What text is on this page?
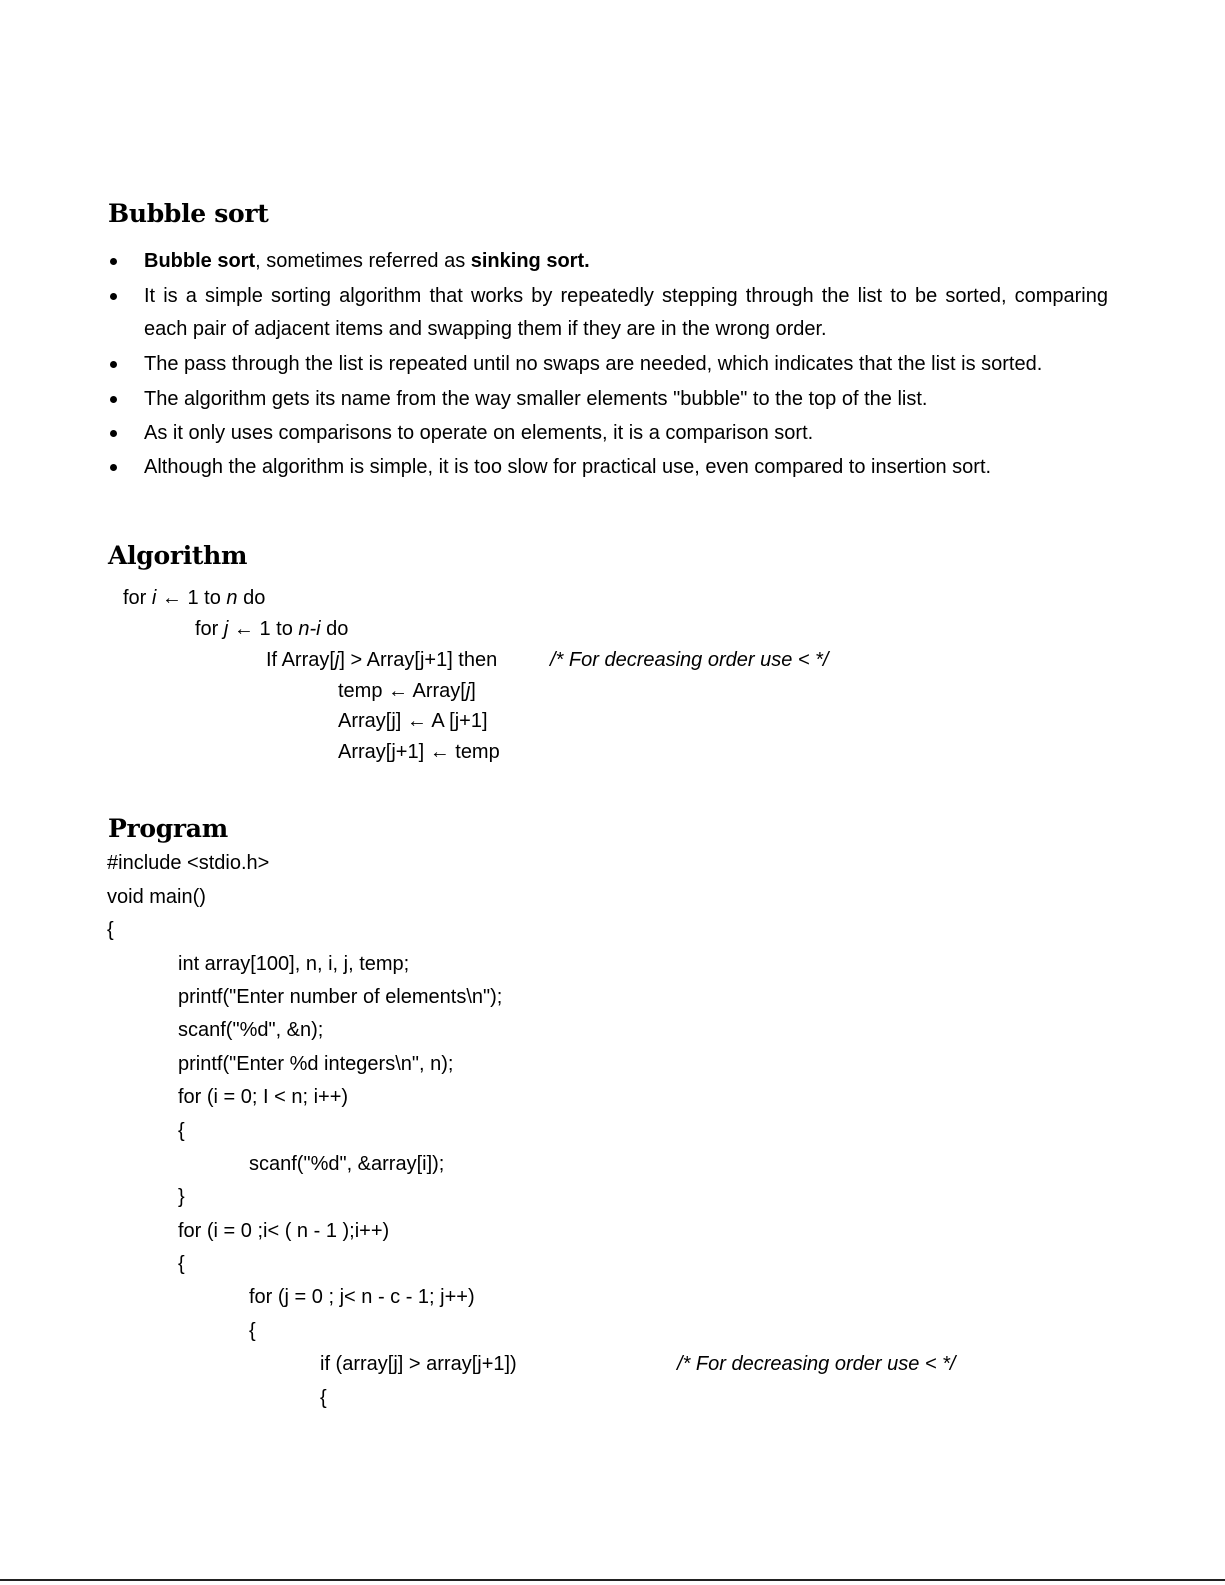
Bubble sort
Bubble sort, sometimes referred as sinking sort.
It is a simple sorting algorithm that works by repeatedly stepping through the list to be sorted, comparing each pair of adjacent items and swapping them if they are in the wrong order.
The pass through the list is repeated until no swaps are needed, which indicates that the list is sorted.
The algorithm gets its name from the way smaller elements "bubble" to the top of the list.
As it only uses comparisons to operate on elements, it is a comparison sort.
Although the algorithm is simple, it is too slow for practical use, even compared to insertion sort.
Algorithm
for i ← 1 to n do
for j ← 1 to n-i do
If Array[j] > Array[j+1] then	/* For decreasing order use < */
temp ← Array[j]
Array[j] ← A [j+1]
Array[j+1] ← temp
Program
#include <stdio.h>
void main()
{
int array[100], n, i, j, temp;
printf("Enter number of elements\n");
scanf("%d", &n);
printf("Enter %d integers\n", n);
for (i = 0; I < n; i++)
{
scanf("%d", &array[i]);
}
for (i = 0 ;i< ( n - 1 );i++)
{
for (j = 0 ; j< n - c - 1; j++)
{
if (array[j] > array[j+1])	/* For decreasing order use < */
{
